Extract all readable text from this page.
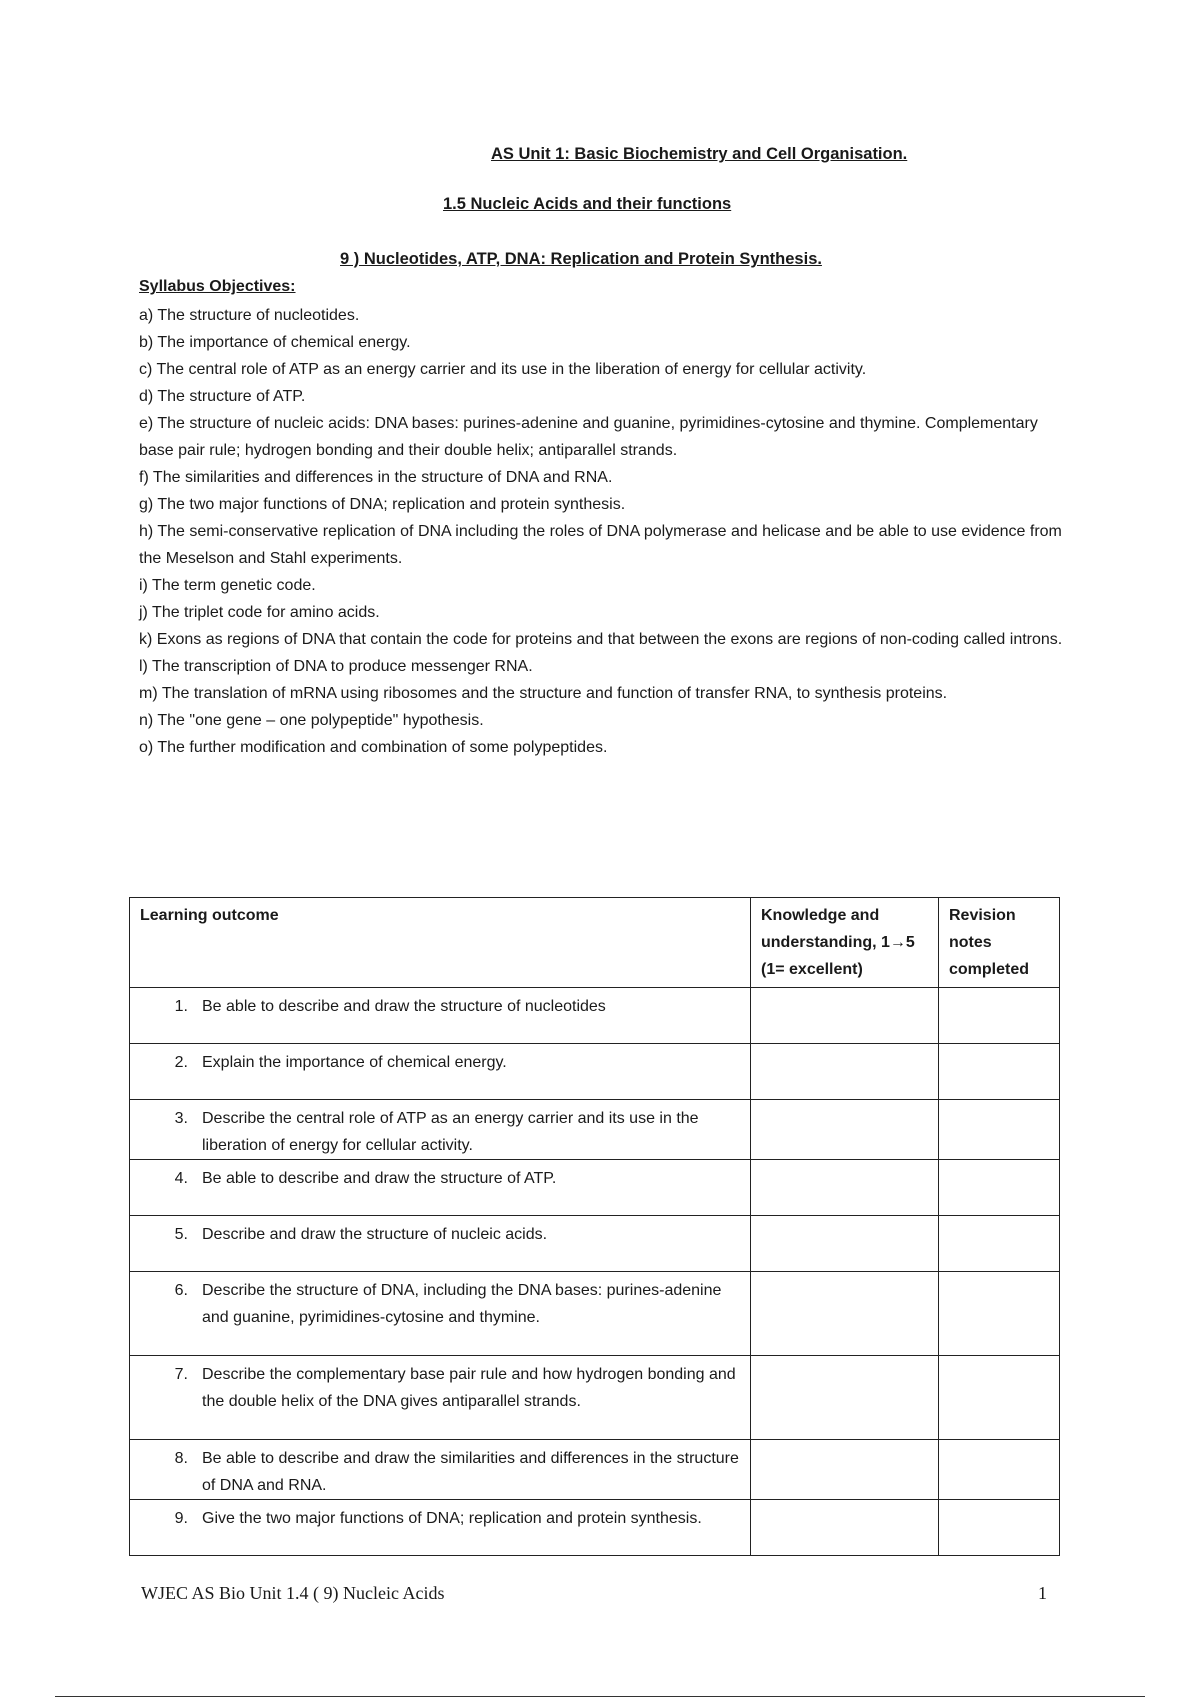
AS Unit 1: Basic Biochemistry and Cell Organisation.
1.5 Nucleic Acids and their functions
9 ) Nucleotides, ATP, DNA: Replication and Protein Synthesis.
Syllabus Objectives:
a) The structure of nucleotides.
b) The importance of chemical energy.
c) The central role of ATP as an energy carrier and its use in the liberation of energy for cellular activity.
d) The structure of ATP.
e) The structure of nucleic acids: DNA bases: purines-adenine and guanine, pyrimidines-cytosine and thymine. Complementary base pair rule; hydrogen bonding and their double helix; antiparallel strands.
f) The similarities and differences in the structure of DNA and RNA.
g) The two major functions of DNA; replication and protein synthesis.
h) The semi-conservative replication of DNA including the roles of DNA polymerase and helicase and be able to use evidence from the Meselson and Stahl experiments.
i) The term genetic code.
j) The triplet code for amino acids.
k) Exons as regions of DNA that contain the code for proteins and that between the exons are regions of non-coding called introns.
l) The transcription of DNA to produce messenger RNA.
m) The translation of mRNA using ribosomes and the structure and function of transfer RNA, to synthesis proteins.
n) The "one gene – one polypeptide" hypothesis.
o) The further modification and combination of some polypeptides.
Learning outcome	Knowledge and understanding, 1→5 (1= excellent)	Revision notes completed

1. Be able to describe and draw the structure of nucleotides		

2. Explain the importance of chemical energy.		

3. Describe the central role of ATP as an energy carrier and its use in the liberation of energy for cellular activity.		

4. Be able to describe and draw the structure of ATP.		

5. Describe and draw the structure of nucleic acids.		

6. Describe the structure of DNA, including the DNA bases: purines-adenine and guanine, pyrimidines-cytosine and thymine.		

7. Describe the complementary base pair rule and how hydrogen bonding and the double helix of the DNA gives antiparallel strands.		

8. Be able to describe and draw the similarities and differences in the structure of DNA and RNA.		

9. Give the two major functions of DNA; replication and protein synthesis.		

WJEC AS Bio Unit 1.4 ( 9) Nucleic Acids	1
